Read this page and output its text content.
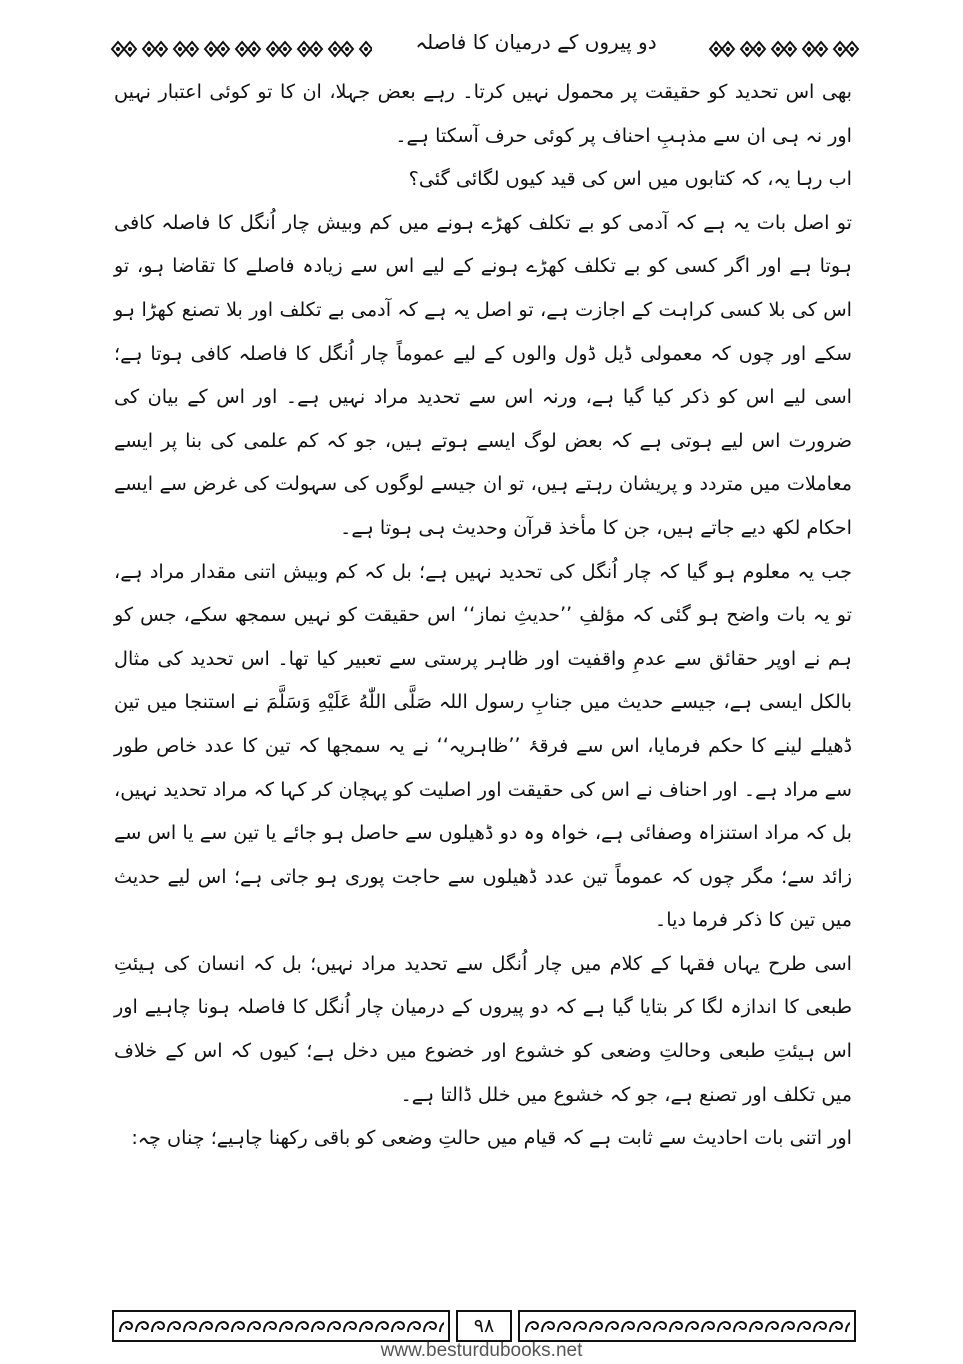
دو پیروں کے درمیان کا فاصلہ

بھی اس تحدید کو حقیقت پر محمول نہیں کرتا۔ رہے بعض جہلا، ان کا تو کوئی اعتبار نہیں اور نہ ہی ان سے مذہبِ احناف پر کوئی حرف آسکتا ہے۔

اب رہا یہ، کہ کتابوں میں اس کی قید کیوں لگائی گئی؟

تو اصل بات یہ ہے کہ آدمی کو بے تکلف کھڑے ہونے میں کم وبیش چار اُنگل کا فاصلہ کافی ہوتا ہے اور اگر کسی کو بے تکلف کھڑے ہونے کے لیے اس سے زیادہ فاصلے کا تقاضا ہو، تو اس کی بلا کسی کراہت کے اجازت ہے، تو اصل یہ ہے کہ آدمی بے تکلف اور بلا تصنع کھڑا ہو سکے اور چوں کہ معمولی ڈیل ڈول والوں کے لیے عموماً چار اُنگل کا فاصلہ کافی ہوتا ہے؛ اسی لیے اس کو ذکر کیا گیا ہے، ورنہ اس سے تحدید مراد نہیں ہے۔ اور اس کے بیان کی ضرورت اس لیے ہوتی ہے کہ بعض لوگ ایسے ہوتے ہیں، جو کہ کم علمی کی بنا پر ایسے معاملات میں متردد و پریشان رہتے ہیں، تو ان جیسے لوگوں کی سہولت کی غرض سے ایسے احکام لکھ دیے جاتے ہیں، جن کا مأخذ قرآن وحدیث ہی ہوتا ہے۔

جب یہ معلوم ہو گیا کہ چار اُنگل کی تحدید نہیں ہے؛ بل کہ کم وبیش اتنی مقدار مراد ہے، تو یہ بات واضح ہو گئی کہ مؤلفِ ’’حدیثِ نماز‘‘ اس حقیقت کو نہیں سمجھ سکے، جس کو ہم نے اوپر حقائق سے عدمِ واقفیت اور ظاہر پرستی سے تعبیر کیا تھا۔ اس تحدید کی مثال بالکل ایسی ہے، جیسے حدیث میں جنابِ رسول اللہ صَلَّى اللّٰهُ عَلَيْهِ وَسَلَّمَ نے استنجا میں تین ڈھیلے لینے کا حکم فرمایا، اس سے فرقۂ ’’ظاہریہ‘‘ نے یہ سمجھا کہ تین کا عدد خاص طور سے مراد ہے۔ اور احناف نے اس کی حقیقت اور اصلیت کو پہچان کر کہا کہ مراد تحدید نہیں، بل کہ مراد استنزاہ وصفائی ہے، خواہ وہ دو ڈھیلوں سے حاصل ہو جائے یا تین سے یا اس سے زائد سے؛ مگر چوں کہ عموماً تین عدد ڈھیلوں سے حاجت پوری ہو جاتی ہے؛ اس لیے حدیث میں تین کا ذکر فرما دیا۔

اسی طرح یہاں فقہا کے کلام میں چار اُنگل سے تحدید مراد نہیں؛ بل کہ انسان کی ہیئتِ طبعی کا اندازہ لگا کر بتایا گیا ہے کہ دو پیروں کے درمیان چار اُنگل کا فاصلہ ہونا چاہیے اور اس ہیئتِ طبعی وحالتِ وضعی کو خشوع اور خضوع میں دخل ہے؛ کیوں کہ اس کے خلاف میں تکلف اور تصنع ہے، جو کہ خشوع میں خلل ڈالتا ہے۔

اور اتنی بات احادیث سے ثابت ہے کہ قیام میں حالتِ وضعی کو باقی رکھنا چاہیے؛ چناں چہ:

۹۸
www.besturdubooks.net
